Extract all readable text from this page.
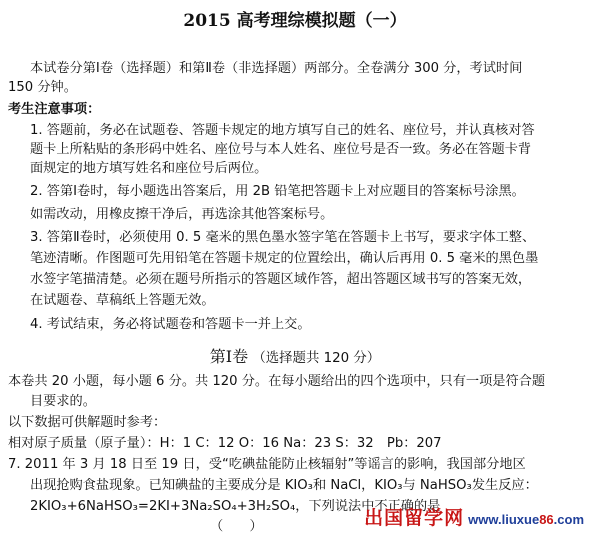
2015 高考理综模拟题（一）
本试卷分第Ⅰ卷（选择题）和第Ⅱ卷（非选择题）两部分。全卷满分 300 分，考试时间
150 分钟。
考生注意事项：
1. 答题前，务必在试题卷、答题卡规定的地方填写自己的姓名、座位号，并认真核对答
题卡上所粘贴的条形码中姓名、座位号与本人姓名、座位号是否一致。务必在答题卡背
面规定的地方填写姓名和座位号后两位。
2. 答第Ⅰ卷时，每小题选出答案后，用 2B 铅笔把答题卡上对应题目的答案标号涂黑。
如需改动，用橡皮擦干净后，再选涂其他答案标号。
3. 答第Ⅱ卷时，必须使用 0. 5 毫米的黑色墨水签字笔在答题卡上书写，要求字体工整、
笔迹清晰。作图题可先用铅笔在答题卡规定的位置绘出，确认后再用 0. 5 毫米的黑色墨
水签字笔描清楚。必须在题号所指示的答题区域作答，超出答题区域书写的答案无效，
在试题卷、草稿纸上答题无效。
4. 考试结束，务必将试题卷和答题卡一并上交。
第Ⅰ卷 （选择题共 120 分）
本卷共 20 小题，每小题 6 分。共 120 分。在每小题给出的四个选项中，只有一项是符合题
目要求的。
以下数据可供解题时参考：
相对原子质量（原子量）：H：1 C：12 O：16 Na：23 S：32　Pb：207
7. 2011 年 3 月 18 日至 19 日，受“吃碘盐能防止核辐射”等谣言的影响，我国部分地区
出现抢购食盐现象。已知碘盐的主要成分是 KIO₃和 NaCl，KIO₃与 NaHSO₃发生反应：
2KIO₃+6NaHSO₃=2KI+3Na₂SO₄+3H₂SO₄，下列说法中不正确的是
（　　）	出国留学网 www.liuxue86.com
